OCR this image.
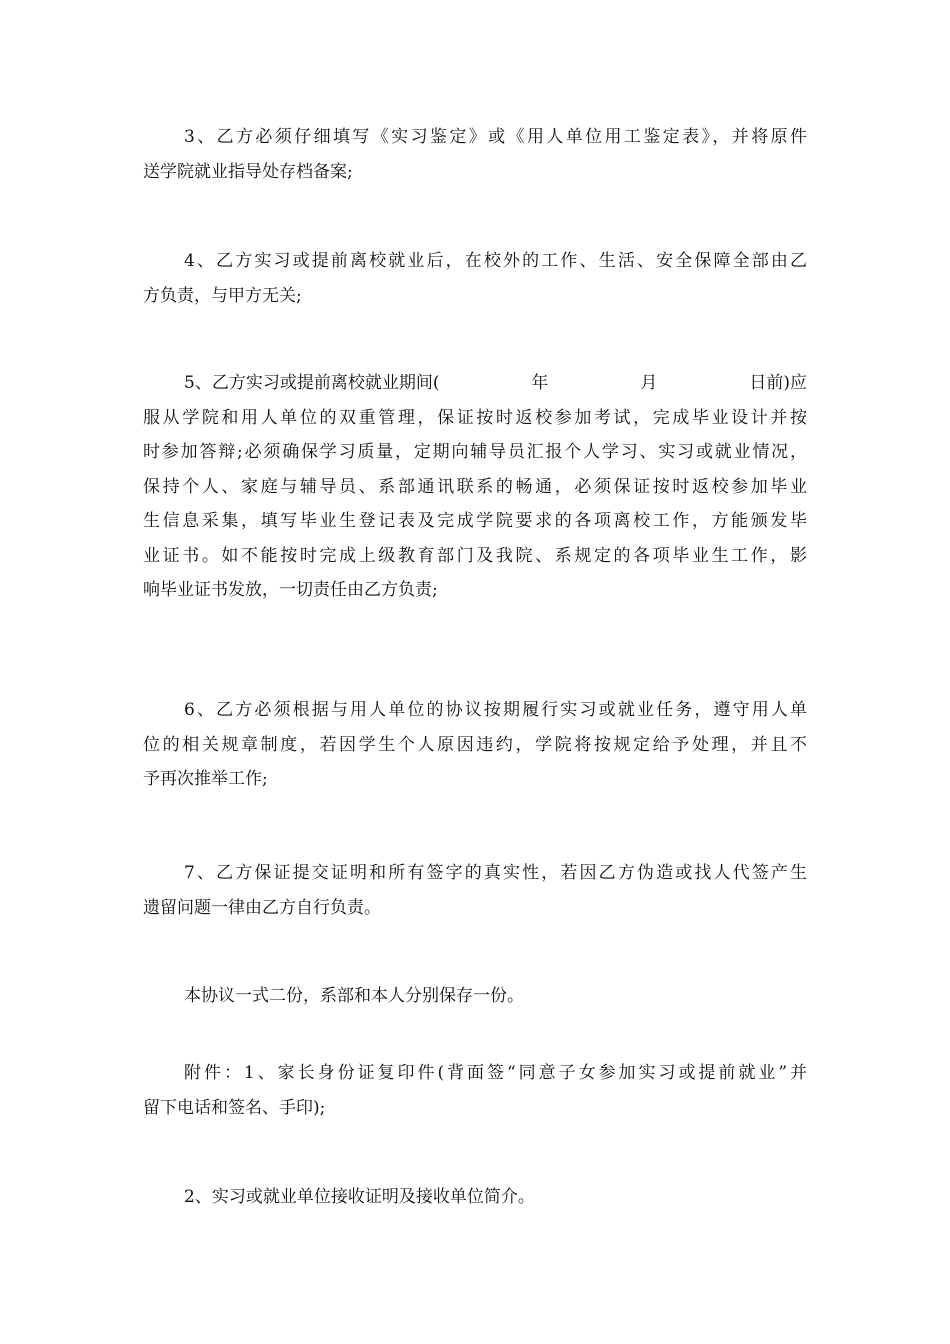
3、乙方必须仔细填写《实习鉴定》或《用人单位用工鉴定表》，并将原件
送学院就业指导处存档备案;

4、乙方实习或提前离校就业后，在校外的工作、生活、安全保障全部由乙
方负责，与甲方无关;

5、乙方实习或提前离校就业期间(	年	月	日前)应
服从学院和用人单位的双重管理，保证按时返校参加考试，完成毕业设计并按
时参加答辩;必须确保学习质量，定期向辅导员汇报个人学习、实习或就业情况，
保持个人、家庭与辅导员、系部通讯联系的畅通，必须保证按时返校参加毕业
生信息采集，填写毕业生登记表及完成学院要求的各项离校工作，方能颁发毕
业证书。如不能按时完成上级教育部门及我院、系规定的各项毕业生工作，影
响毕业证书发放，一切责任由乙方负责;

6、乙方必须根据与用人单位的协议按期履行实习或就业任务，遵守用人单
位的相关规章制度，若因学生个人原因违约，学院将按规定给予处理，并且不
予再次推举工作;

7、乙方保证提交证明和所有签字的真实性，若因乙方伪造或找人代签产生
遗留问题一律由乙方自行负责。

本协议一式二份，系部和本人分别保存一份。

附件：1、家长身份证复印件(背面签“同意子女参加实习或提前就业”并
留下电话和签名、手印);

2、实习或就业单位接收证明及接收单位简介。
